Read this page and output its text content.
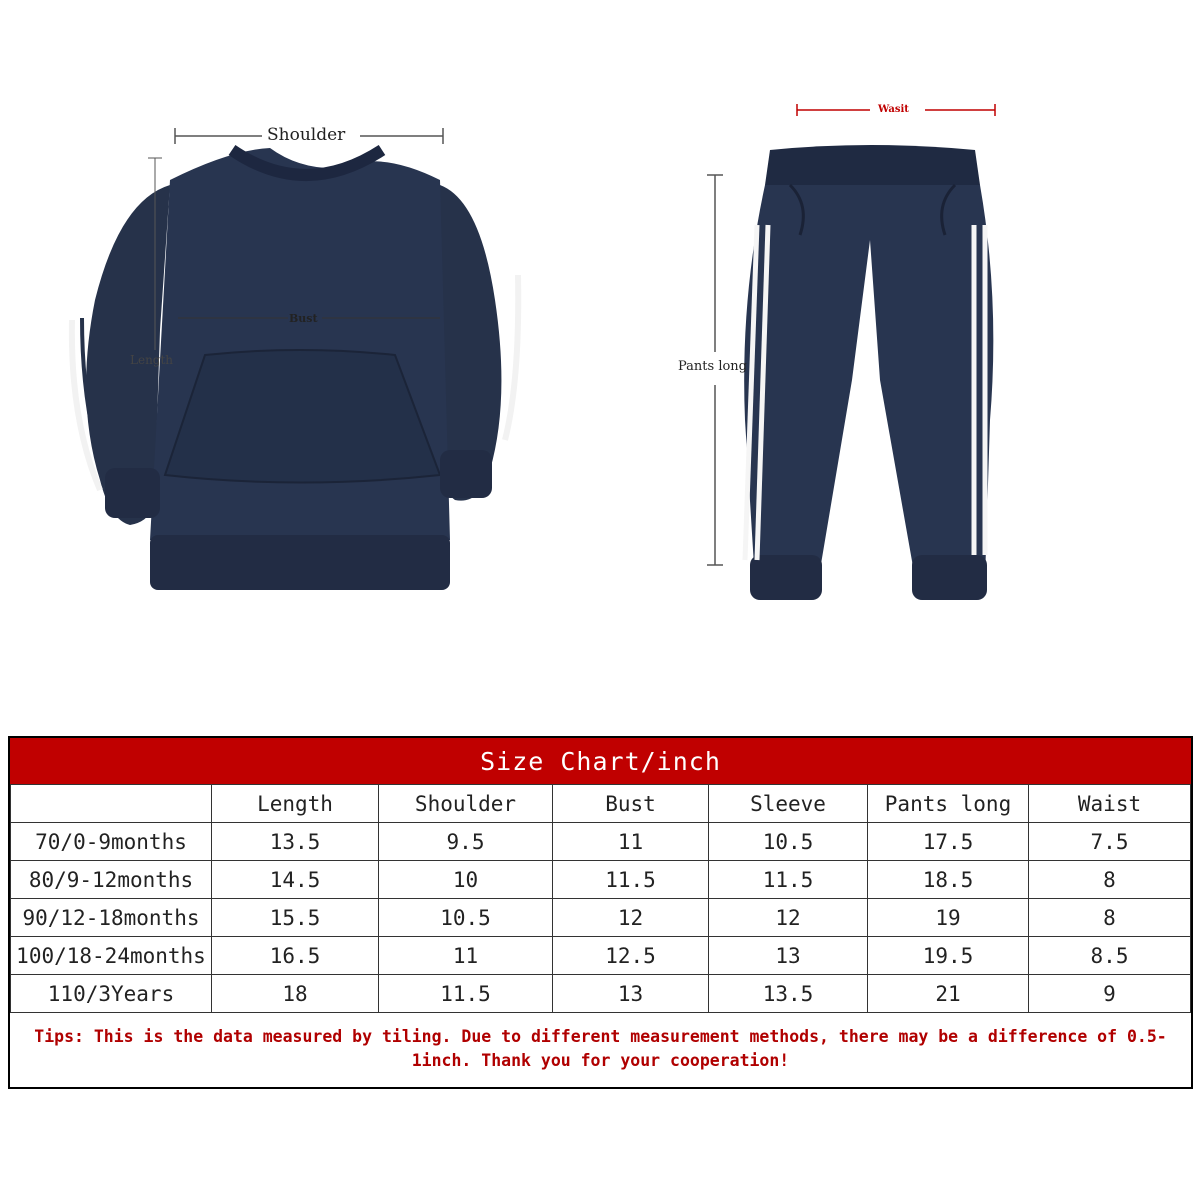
Shoulder
Bust
Length
Wasit
Pants long
Size Chart/inch
	Length	Shoulder	Bust	Sleeve	Pants long	Waist
70/0-9months	13.5	9.5	11	10.5	17.5	7.5
80/9-12months	14.5	10	11.5	11.5	18.5	8
90/12-18months	15.5	10.5	12	12	19	8
100/18-24months	16.5	11	12.5	13	19.5	8.5
110/3Years	18	11.5	13	13.5	21	9
Tips: This is the data measured by tiling. Due to different measurement methods, there may be a difference of 0.5-1inch. Thank you for your cooperation!
